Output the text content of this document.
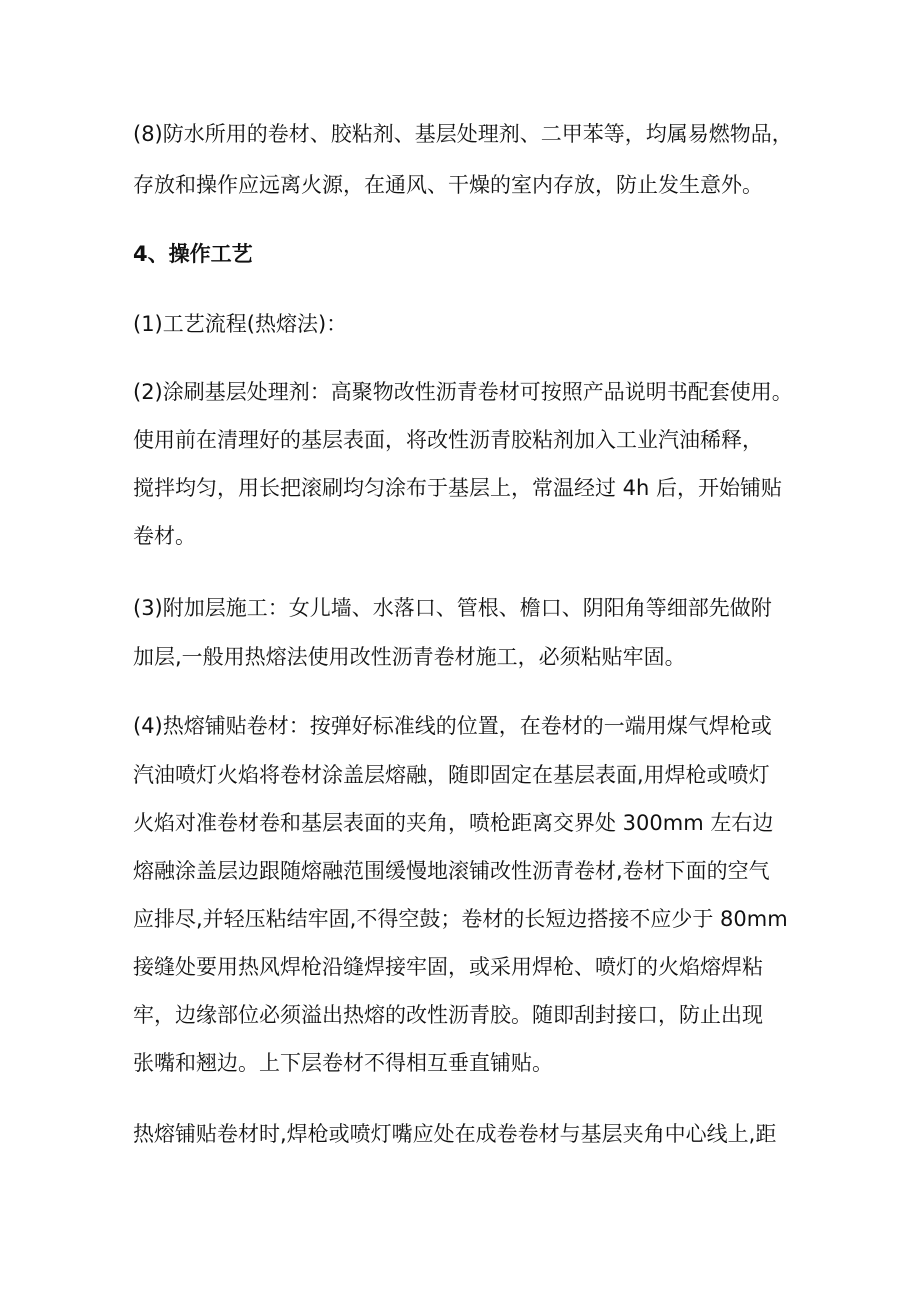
(8)防水所用的卷材、胶粘剂、基层处理剂、二甲苯等，均属易燃物品，
存放和操作应远离火源，在通风、干燥的室内存放，防止发生意外。
4、操作工艺
(1)工艺流程(热熔法)：
(2)涂刷基层处理剂：高聚物改性沥青卷材可按照产品说明书配套使用。
使用前在清理好的基层表面，将改性沥青胶粘剂加入工业汽油稀释，
搅拌均匀，用长把滚刷均匀涂布于基层上，常温经过 4h 后，开始铺贴
卷材。
(3)附加层施工：女儿墙、水落口、管根、檐口、阴阳角等细部先做附
加层,一般用热熔法使用改性沥青卷材施工，必须粘贴牢固。
(4)热熔铺贴卷材：按弹好标准线的位置，在卷材的一端用煤气焊枪或
汽油喷灯火焰将卷材涂盖层熔融，随即固定在基层表面,用焊枪或喷灯
火焰对准卷材卷和基层表面的夹角，喷枪距离交界处 300mm 左右边
熔融涂盖层边跟随熔融范围缓慢地滚铺改性沥青卷材,卷材下面的空气
应排尽,并轻压粘结牢固,不得空鼓；卷材的长短边搭接不应少于 80mm
接缝处要用热风焊枪沿缝焊接牢固，或采用焊枪、喷灯的火焰熔焊粘
牢，边缘部位必须溢出热熔的改性沥青胶。随即刮封接口，防止出现
张嘴和翘边。上下层卷材不得相互垂直铺贴。
热熔铺贴卷材时,焊枪或喷灯嘴应处在成卷卷材与基层夹角中心线上,距
